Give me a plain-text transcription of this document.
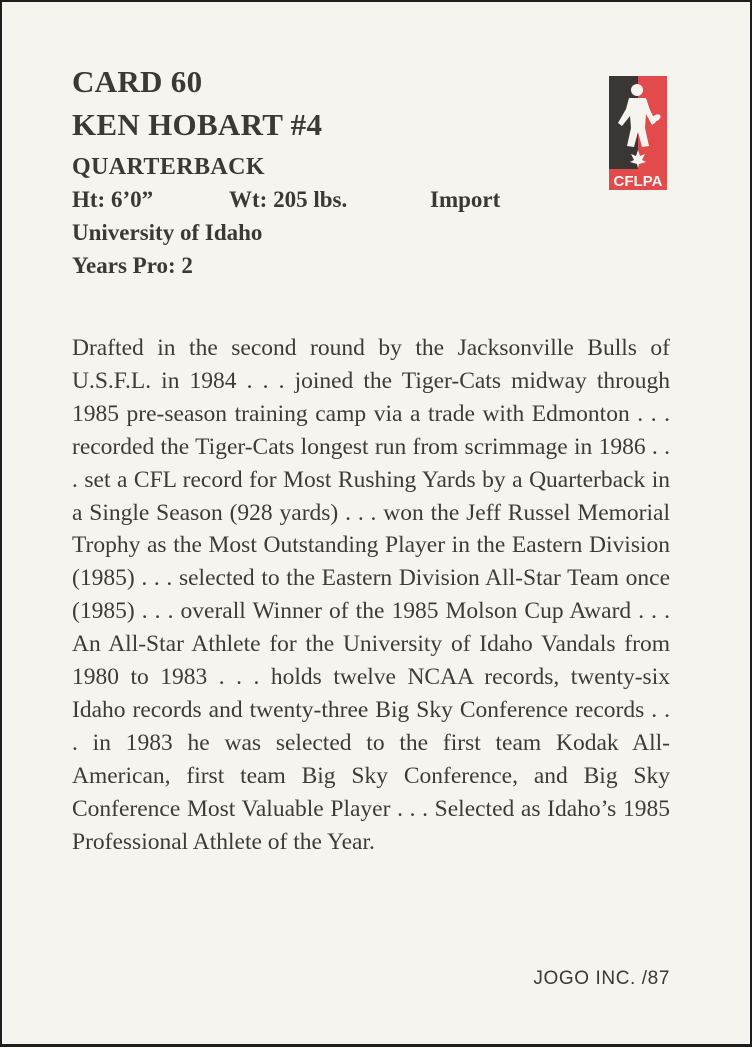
CARD 60
KEN HOBART #4
QUARTERBACK
Ht: 6’0”	Wt: 205 lbs.	Import
University of Idaho
Years Pro: 2
CFLPA
Drafted in the second round by the Jacksonville Bulls of U.S.F.L. in 1984 . . . joined the Tiger-Cats midway through 1985 pre-season training camp via a trade with Edmonton . . . recorded the Tiger-Cats longest run from scrimmage in 1986 . . . set a CFL record for Most Rushing Yards by a Quarterback in a Single Season (928 yards) . . . won the Jeff Russel Memorial Trophy as the Most Outstanding Player in the Eastern Division (1985) . . . selected to the Eastern Division All-Star Team once (1985) . . . overall Winner of the 1985 Molson Cup Award . . . An All-Star Athlete for the University of Idaho Vandals from 1980 to 1983 . . . holds twelve NCAA records, twenty-six Idaho records and twenty-three Big Sky Conference records . . . in 1983 he was selected to the first team Kodak All-American, first team Big Sky Conference, and Big Sky Conference Most Valuable Player . . . Selected as Idaho’s 1985 Professional Athlete of the Year.
JOGO INC. /87
